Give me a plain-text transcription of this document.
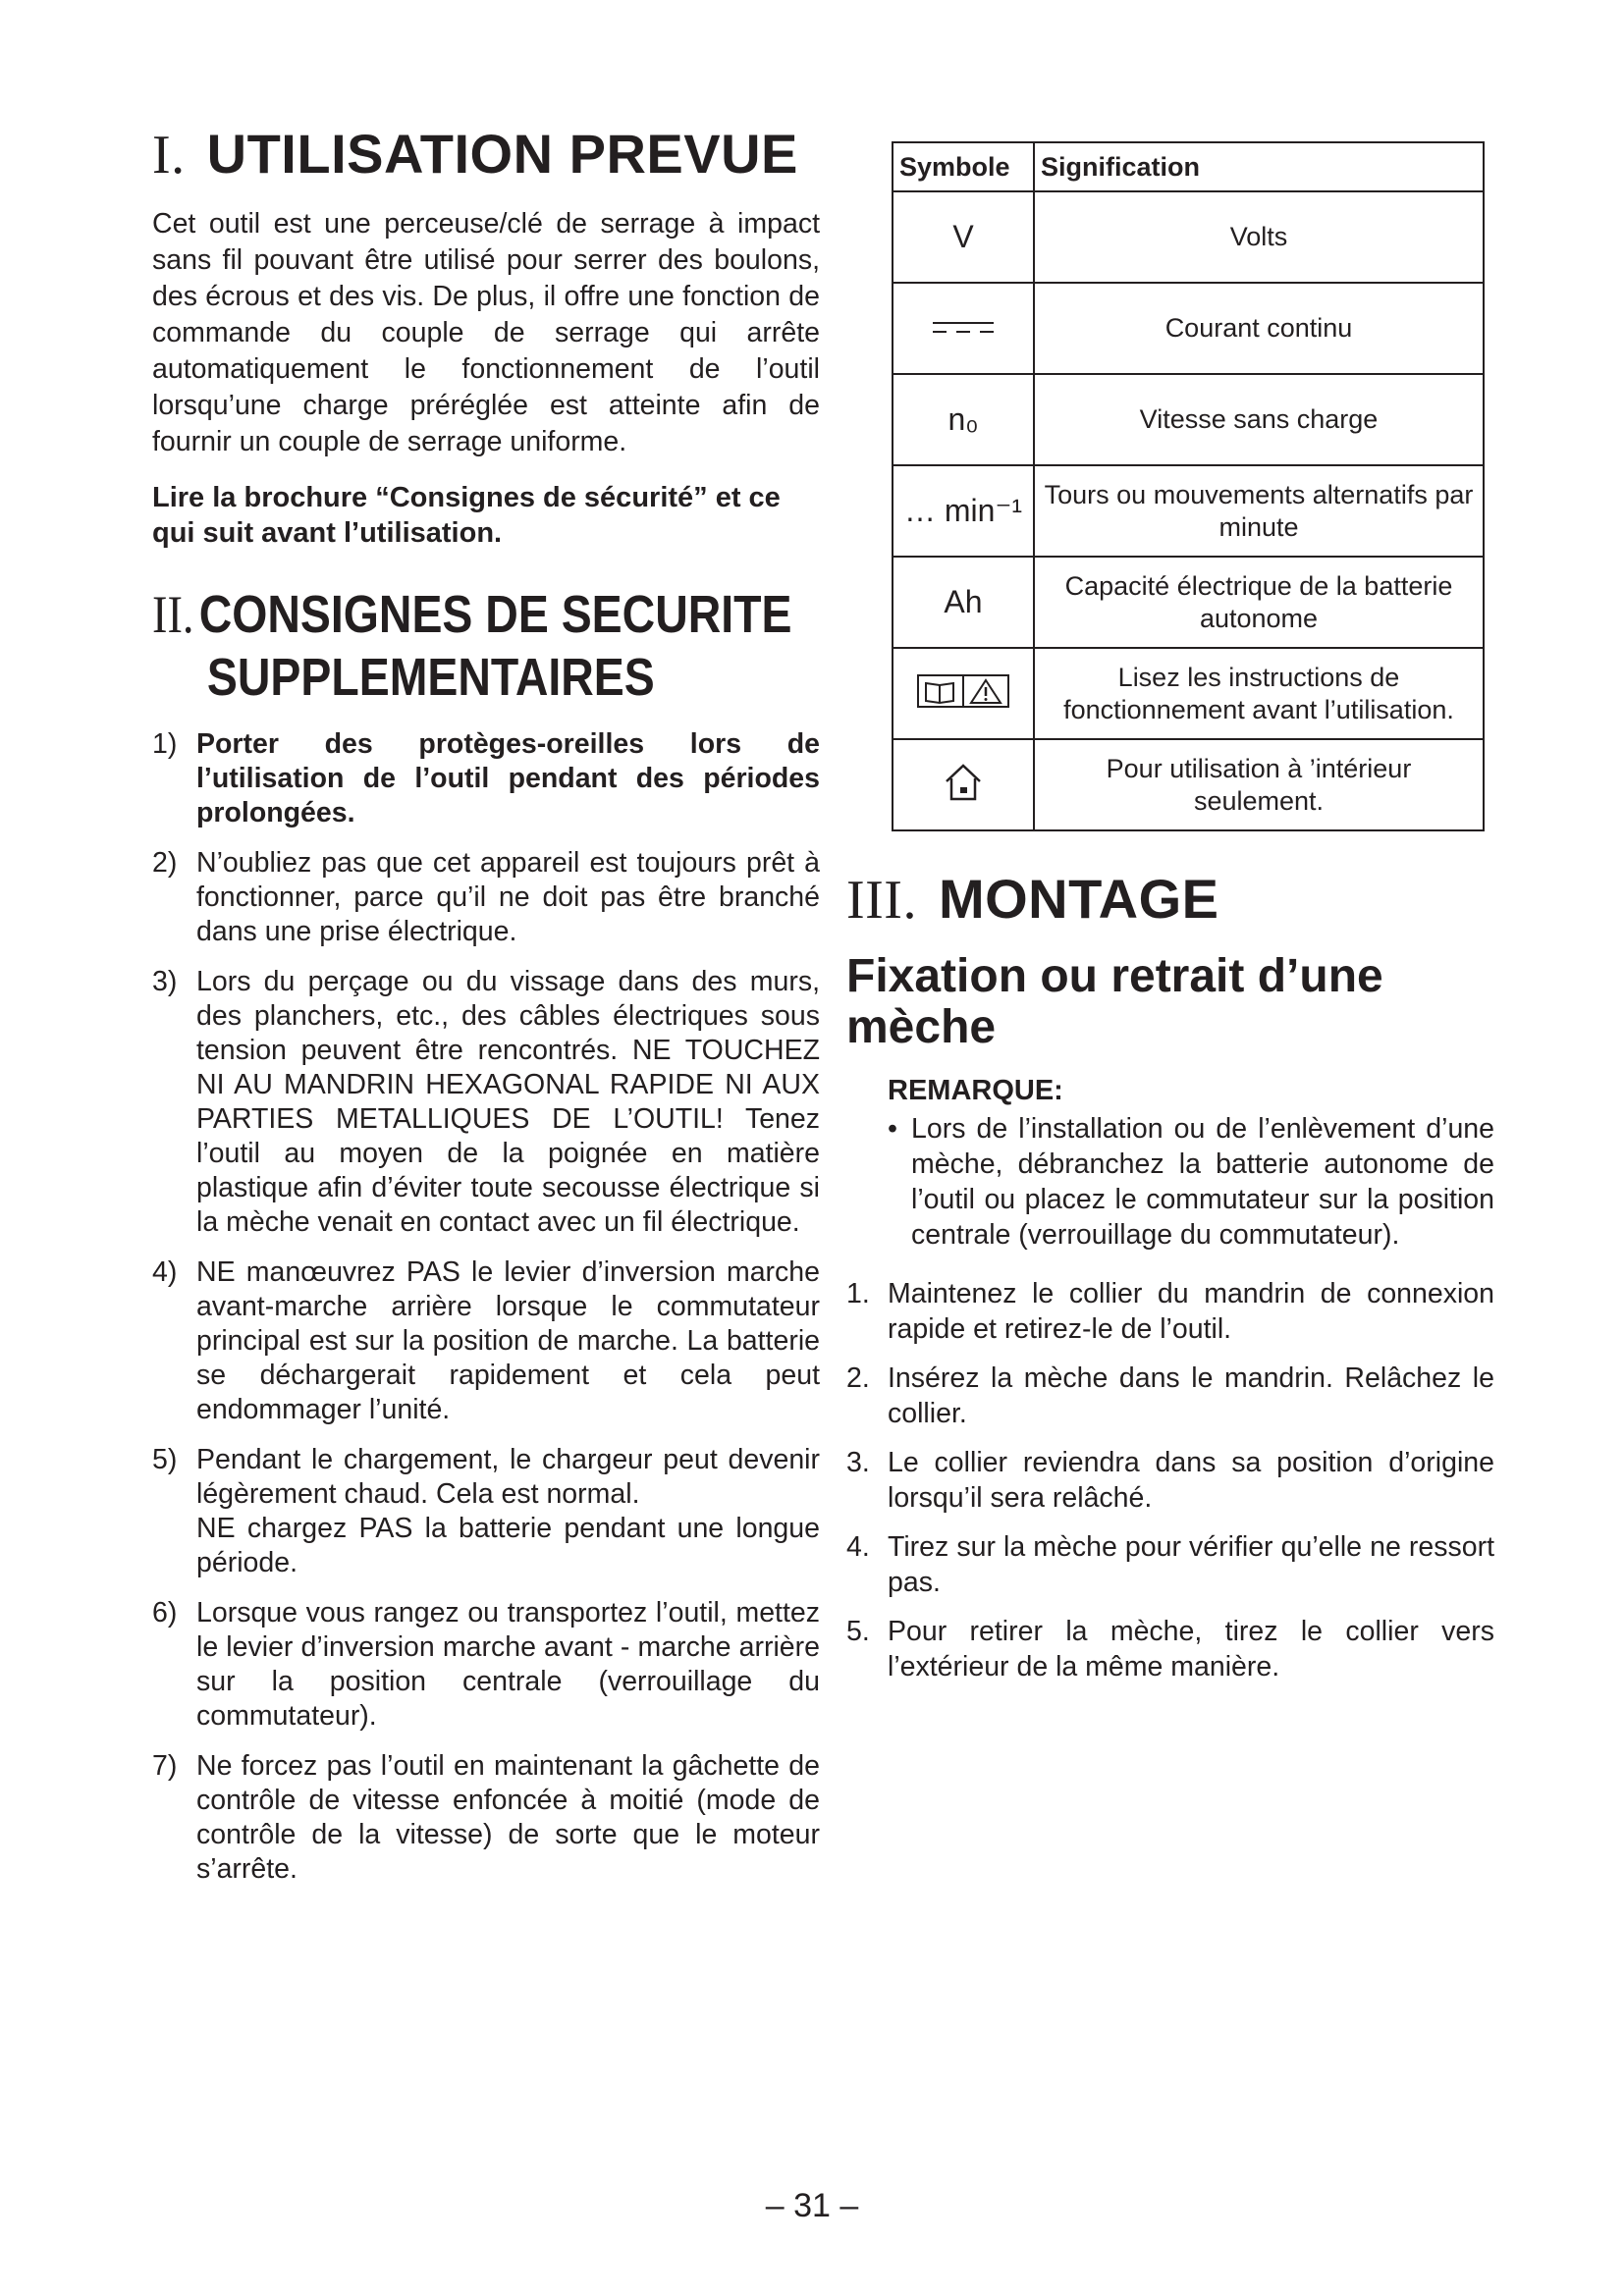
I. UTILISATION PREVUE

Cet outil est une perceuse/clé de serrage à impact sans fil pouvant être utilisé pour serrer des boulons, des écrous et des vis. De plus, il offre une fonction de commande du couple de serrage qui arrête automatiquement le fonctionnement de l’outil lorsqu’une charge préréglée est atteinte afin de fournir un couple de serrage uniforme.

Lire la brochure “Consignes de sécurité” et ce qui suit avant l’utilisation.

II.CONSIGNES DE SECURITE
SUPPLEMENTAIRES
1) Porter des protèges-oreilles lors de l’utilisation de l’outil pendant des périodes prolongées.
2) N’oubliez pas que cet appareil est toujours prêt à fonctionner, parce qu’il ne doit pas être branché dans une prise électrique.
3) Lors du perçage ou du vissage dans des murs, des planchers, etc., des câbles électriques sous tension peuvent être rencontrés. NE TOUCHEZ NI AU MANDRIN HEXAGONAL RAPIDE NI AUX PARTIES METALLIQUES DE L’OUTIL! Tenez l’outil au moyen de la poignée en matière plastique afin d’éviter toute secousse électrique si la mèche venait en contact avec un fil électrique.
4) NE manœuvrez PAS le levier d’inversion marche avant-marche arrière lorsque le commutateur principal est sur la position de marche. La batterie se déchargerait rapidement et cela peut endommager l’unité.
5) Pendant le chargement, le chargeur peut devenir légèrement chaud. Cela est normal.
NE chargez PAS la batterie pendant une longue période.
6) Lorsque vous rangez ou transportez l’outil, mettez le levier d’inversion marche avant - marche arrière sur la position centrale (verrouillage du commutateur).
7) Ne forcez pas l’outil en maintenant la gâchette de contrôle de vitesse enfoncée à moitié (mode de contrôle de la vitesse) de sorte que le moteur s’arrête.
Symbole	Signification
V	Volts
	Courant continu
n₀	Vitesse sans charge
… min⁻¹	Tours ou mouvements alternatifs par minute
Ah	Capacité électrique de la batterie autonome
	Lisez les instructions de fonctionnement avant l’utilisation.
	Pour utilisation à ’intérieur seulement.
III. MONTAGE
Fixation ou retrait d’une mèche
REMARQUE:
• Lors de l’installation ou de l’enlèvement d’une mèche, débranchez la batterie autonome de l’outil ou placez le commutateur sur la position centrale (verrouillage du commutateur).
1. Maintenez le collier du mandrin de connexion rapide et retirez-le de l’outil.
2. Insérez la mèche dans le mandrin. Relâchez le collier.
3. Le collier reviendra dans sa position d’origine lorsqu’il sera relâché.
4. Tirez sur la mèche pour vérifier qu’elle ne ressort pas.
5. Pour retirer la mèche, tirez le collier vers l’extérieur de la même manière.
– 31 –
